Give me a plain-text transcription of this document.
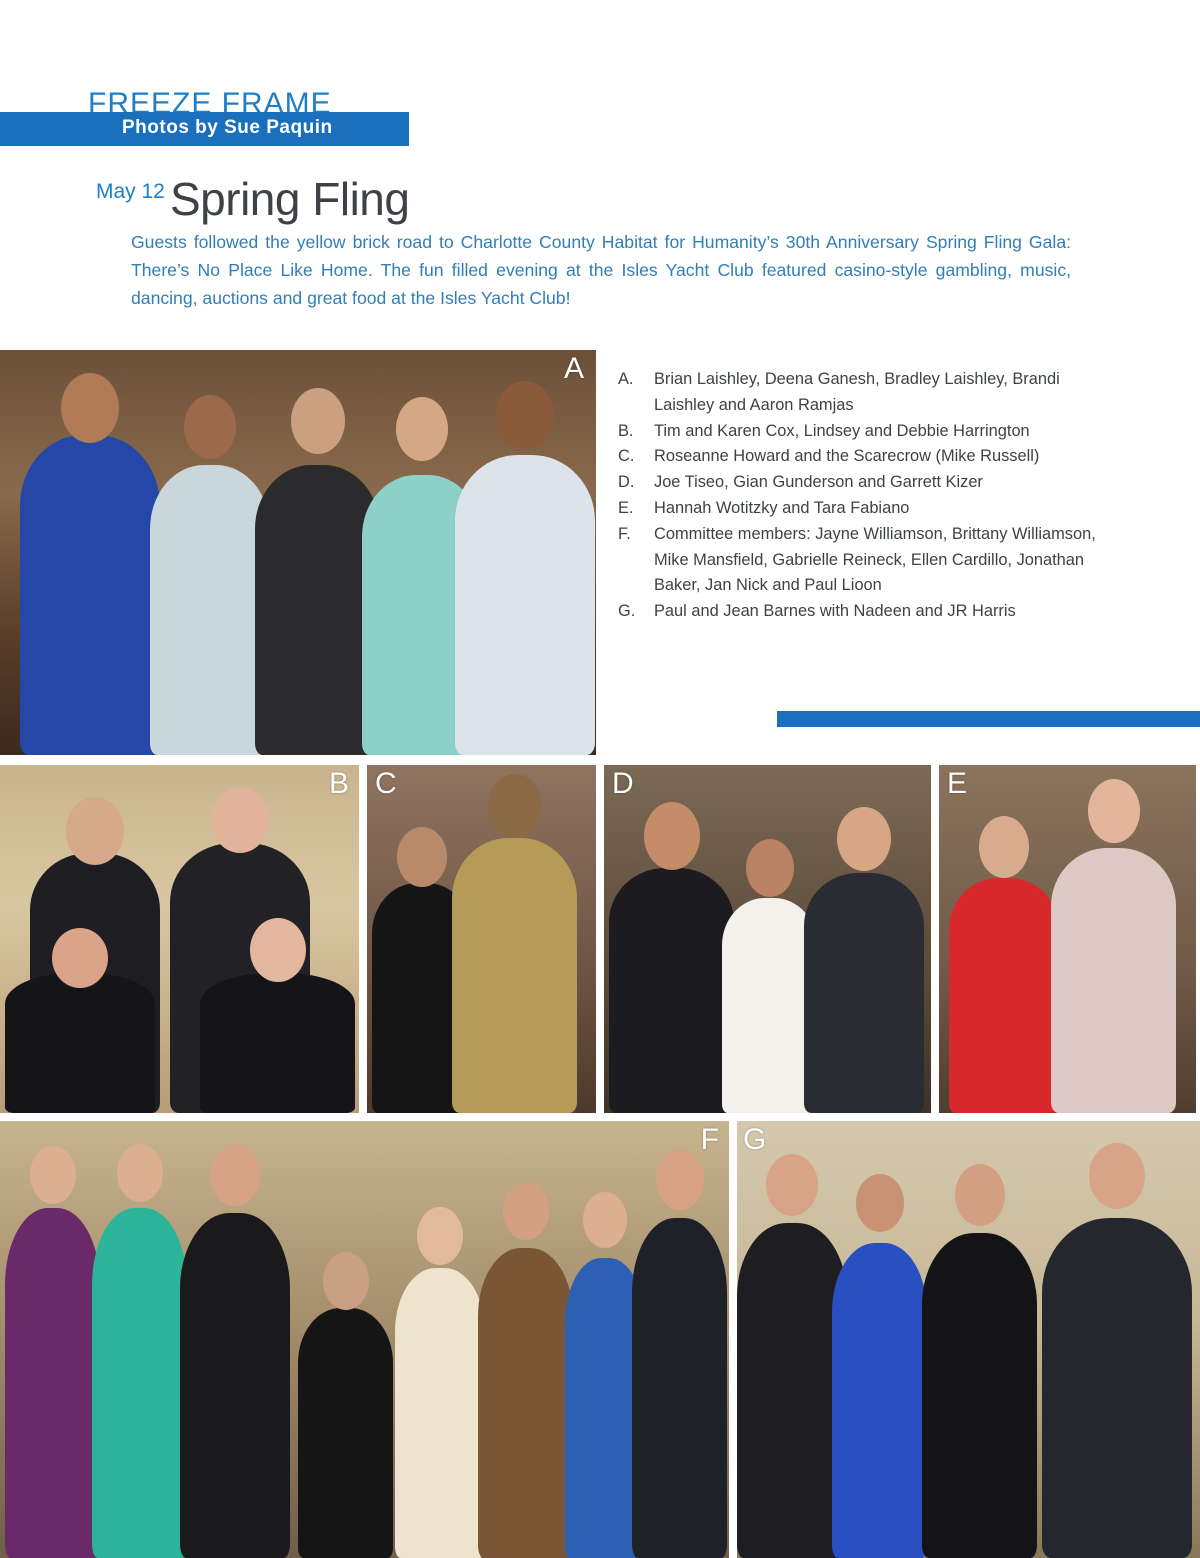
FREEZE FRAME
Photos by Sue Paquin
May 12 Spring Fling

Guests followed the yellow brick road to Charlotte County Habitat for Humanity’s 30th Anniversary Spring Fling Gala: There’s No Place Like Home. The fun filled evening at the Isles Yacht Club featured casino-style gambling, music, dancing, auctions and great food at the Isles Yacht Club!

A
B C	D	E
F G
A. Brian Laishley, Deena Ganesh, Bradley Laishley, Brandi Laishley and Aaron Ramjas
B. Tim and Karen Cox, Lindsey and Debbie Harrington
C. Roseanne Howard and the Scarecrow (Mike Russell)
D. Joe Tiseo, Gian Gunderson and Garrett Kizer
E. Hannah Wotitzky and Tara Fabiano
F. Committee members: Jayne Williamson, Brittany Williamson, Mike Mansfield, Gabrielle Reineck, Ellen Cardillo, Jonathan Baker, Jan Nick and Paul Lioon
G. Paul and Jean Barnes with Nadeen and JR Harris
